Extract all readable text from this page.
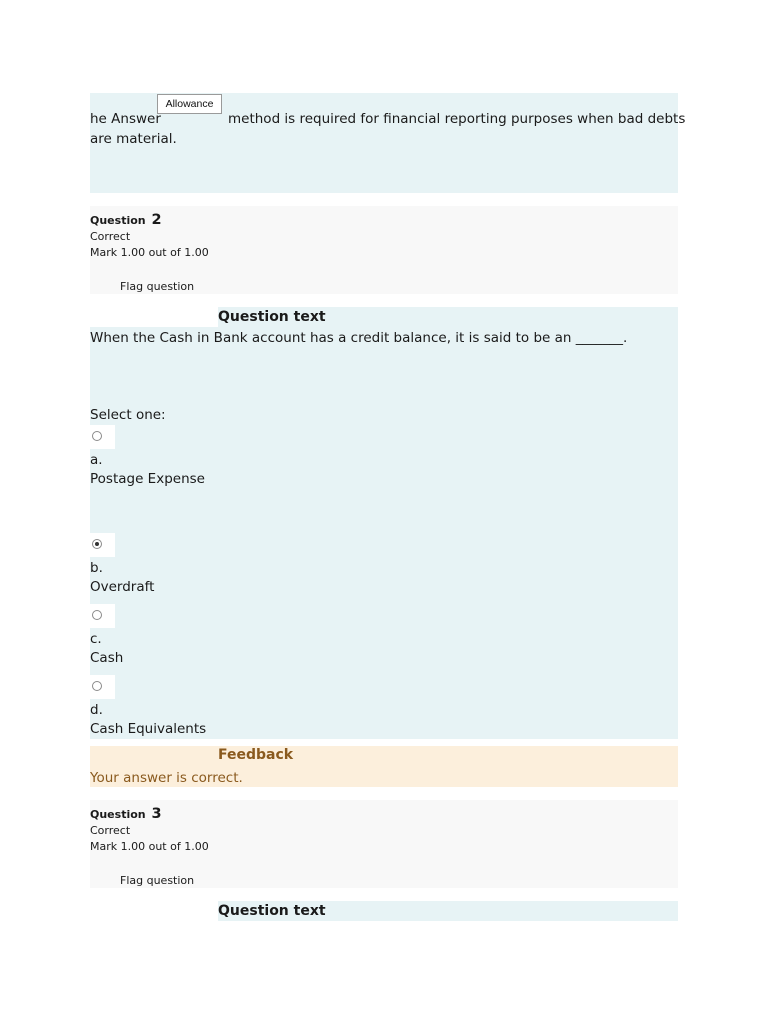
Allowance
he Answer	method is required for financial reporting purposes when bad debts
are material.
Question 2
Correct
Mark 1.00 out of 1.00
Flag question
Question text
When the Cash in Bank account has a credit balance, it is said to be an _______.
Select one:
a.
Postage Expense
b.
Overdraft
c.
Cash
d.
Cash Equivalents
Your answer is correct.
Feedback
Question 3
Correct
Mark 1.00 out of 1.00
Flag question
Question text
